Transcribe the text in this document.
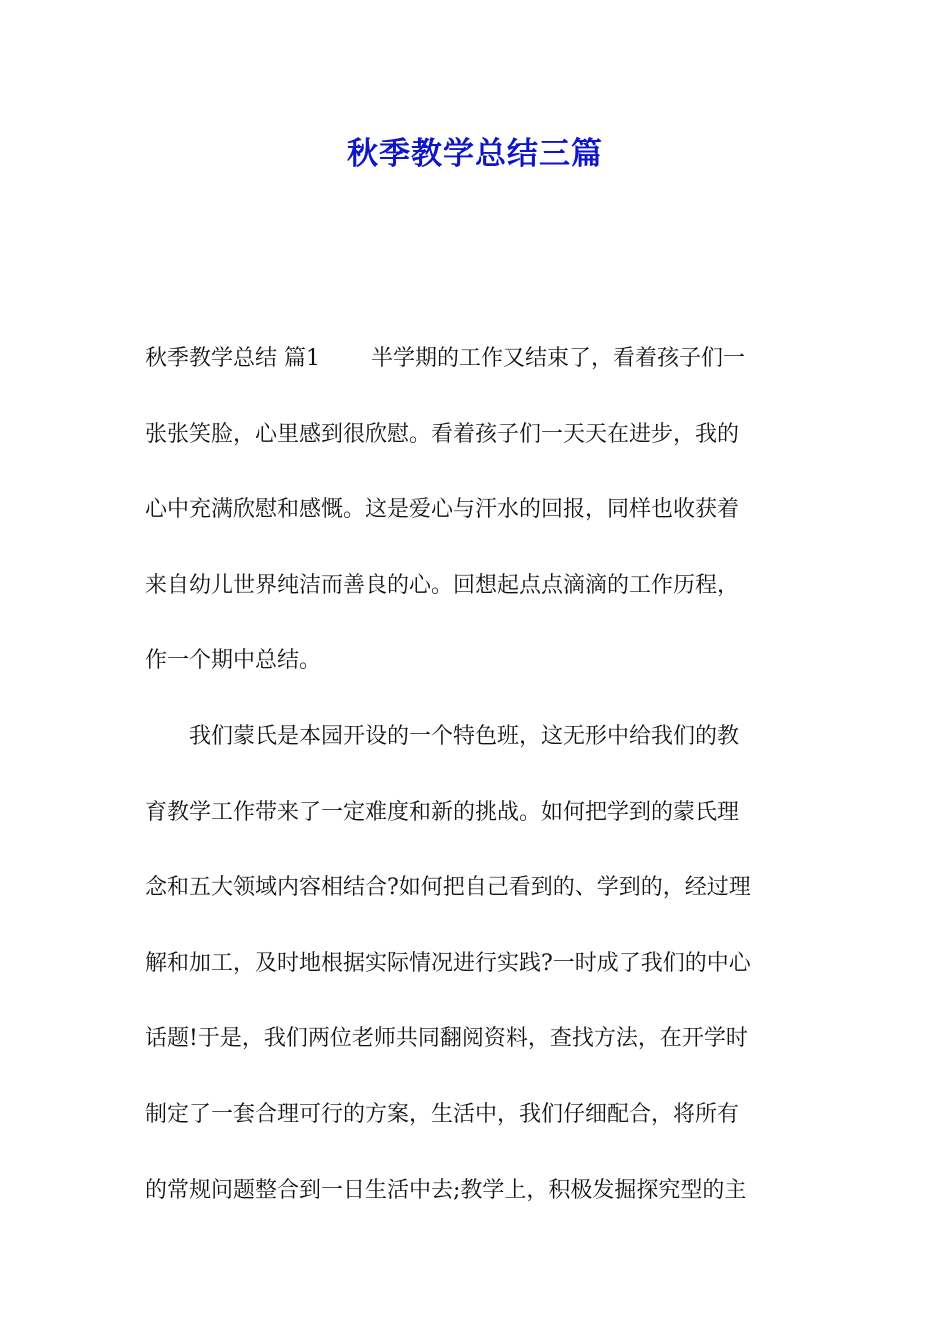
秋季教学总结三篇
秋季教学总结 篇1 　　半学期的工作又结束了，看着孩子们一
张张笑脸，心里感到很欣慰。看着孩子们一天天在进步，我的
心中充满欣慰和感慨。这是爱心与汗水的回报，同样也收获着
来自幼儿世界纯洁而善良的心。回想起点点滴滴的工作历程，
作一个期中总结。
　　我们蒙氏是本园开设的一个特色班，这无形中给我们的教
育教学工作带来了一定难度和新的挑战。如何把学到的蒙氏理
念和五大领域内容相结合?如何把自己看到的、学到的，经过理
解和加工，及时地根据实际情况进行实践?一时成了我们的中心
话题!于是，我们两位老师共同翻阅资料，查找方法，在开学时
制定了一套合理可行的方案，生活中，我们仔细配合，将所有
的常规问题整合到一日生活中去;教学上，积极发掘探究型的主
